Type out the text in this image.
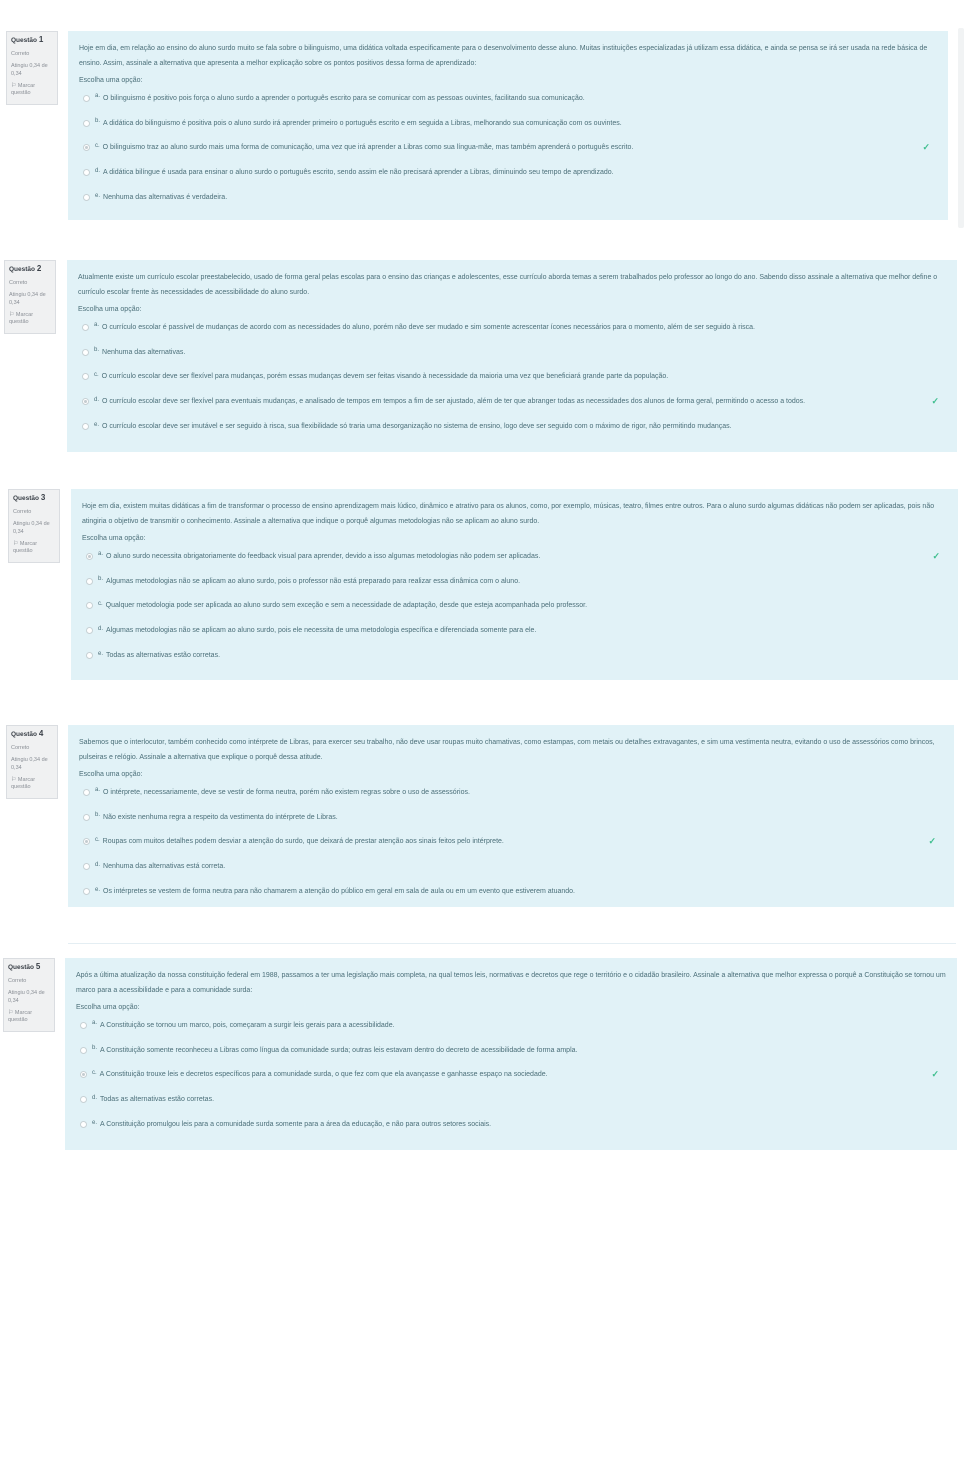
Questão 1
Correto
Atingiu 0,34 de 0,34
⚐ Marcar questão
Hoje em dia, em relação ao ensino do aluno surdo muito se fala sobre o bilinguismo, uma didática voltada especificamente para o desenvolvimento desse aluno. Muitas instituições especializadas já utilizam essa didática, e ainda se pensa se irá ser usada na rede básica de ensino. Assim, assinale a alternativa que apresenta a melhor explicação sobre os pontos positivos dessa forma de aprendizado:
Escolha uma opção:
a. O bilinguismo é positivo pois força o aluno surdo a aprender o português escrito para se comunicar com as pessoas ouvintes, facilitando sua comunicação.
b. A didática do bilinguismo é positiva pois o aluno surdo irá aprender primeiro o português escrito e em seguida a Libras, melhorando sua comunicação com os ouvintes.
c. O bilinguismo traz ao aluno surdo mais uma forma de comunicação, uma vez que irá aprender a Libras como sua língua-mãe, mas também aprenderá o português escrito.	✓
d. A didática bilíngue é usada para ensinar o aluno surdo o português escrito, sendo assim ele não precisará aprender a Libras, diminuindo seu tempo de aprendizado.
e. Nenhuma das alternativas é verdadeira.
Questão 2
Correto
Atingiu 0,34 de 0,34
⚐ Marcar questão
Atualmente existe um currículo escolar preestabelecido, usado de forma geral pelas escolas para o ensino das crianças e adolescentes, esse currículo aborda temas a serem trabalhados pelo professor ao longo do ano. Sabendo disso assinale a alternativa que melhor define o currículo escolar frente às necessidades de acessibilidade do aluno surdo.
Escolha uma opção:
a. O currículo escolar é passível de mudanças de acordo com as necessidades do aluno, porém não deve ser mudado e sim somente acrescentar ícones necessários para o momento, além de ser seguido à risca.
b. Nenhuma das alternativas.
c. O currículo escolar deve ser flexível para mudanças, porém essas mudanças devem ser feitas visando à necessidade da maioria uma vez que beneficiará grande parte da população.
d. O currículo escolar deve ser flexível para eventuais mudanças, e analisado de tempos em tempos a fim de ser ajustado, além de ter que abranger todas as necessidades dos alunos de forma geral, permitindo o acesso a todos.	✓
e. O currículo escolar deve ser imutável e ser seguido à risca, sua flexibilidade só traria uma desorganização no sistema de ensino, logo deve ser seguido com o máximo de rigor, não permitindo mudanças.
Questão 3
Correto
Atingiu 0,34 de 0,34
⚐ Marcar questão
Hoje em dia, existem muitas didáticas a fim de transformar o processo de ensino aprendizagem mais lúdico, dinâmico e atrativo para os alunos, como, por exemplo, músicas, teatro, filmes entre outros. Para o aluno surdo algumas didáticas não podem ser aplicadas, pois não atingiria o objetivo de transmitir o conhecimento. Assinale a alternativa que indique o porquê algumas metodologias não se aplicam ao aluno surdo.
Escolha uma opção:
a. O aluno surdo necessita obrigatoriamente do feedback visual para aprender, devido a isso algumas metodologias não podem ser aplicadas.	✓
b. Algumas metodologias não se aplicam ao aluno surdo, pois o professor não está preparado para realizar essa dinâmica com o aluno.
c. Qualquer metodologia pode ser aplicada ao aluno surdo sem exceção e sem a necessidade de adaptação, desde que esteja acompanhada pelo professor.
d. Algumas metodologias não se aplicam ao aluno surdo, pois ele necessita de uma metodologia específica e diferenciada somente para ele.
e. Todas as alternativas estão corretas.
Questão 4
Correto
Atingiu 0,34 de 0,34
⚐ Marcar questão
Sabemos que o interlocutor, também conhecido como intérprete de Libras, para exercer seu trabalho, não deve usar roupas muito chamativas, como estampas, com metais ou detalhes extravagantes, e sim uma vestimenta neutra, evitando o uso de assessórios como brincos, pulseiras e relógio. Assinale a alternativa que explique o porquê dessa atitude.
Escolha uma opção:
a. O intérprete, necessariamente, deve se vestir de forma neutra, porém não existem regras sobre o uso de assessórios.
b. Não existe nenhuma regra a respeito da vestimenta do intérprete de Libras.
c. Roupas com muitos detalhes podem desviar a atenção do surdo, que deixará de prestar atenção aos sinais feitos pelo intérprete.	✓
d. Nenhuma das alternativas está correta.
e. Os intérpretes se vestem de forma neutra para não chamarem a atenção do público em geral em sala de aula ou em um evento que estiverem atuando.
Questão 5
Correto
Atingiu 0,34 de 0,34
⚐ Marcar questão
Após a última atualização da nossa constituição federal em 1988, passamos a ter uma legislação mais completa, na qual temos leis, normativas e decretos que rege o território e o cidadão brasileiro. Assinale a alternativa que melhor expressa o porquê a Constituição se tornou um marco para a acessibilidade e para a comunidade surda:
Escolha uma opção:
a. A Constituição se tornou um marco, pois, começaram a surgir leis gerais para a acessibilidade.
b. A Constituição somente reconheceu a Libras como língua da comunidade surda; outras leis estavam dentro do decreto de acessibilidade de forma ampla.
c. A Constituição trouxe leis e decretos específicos para a comunidade surda, o que fez com que ela avançasse e ganhasse espaço na sociedade.	✓
d. Todas as alternativas estão corretas.
e. A Constituição promulgou leis para a comunidade surda somente para a área da educação, e não para outros setores sociais.
